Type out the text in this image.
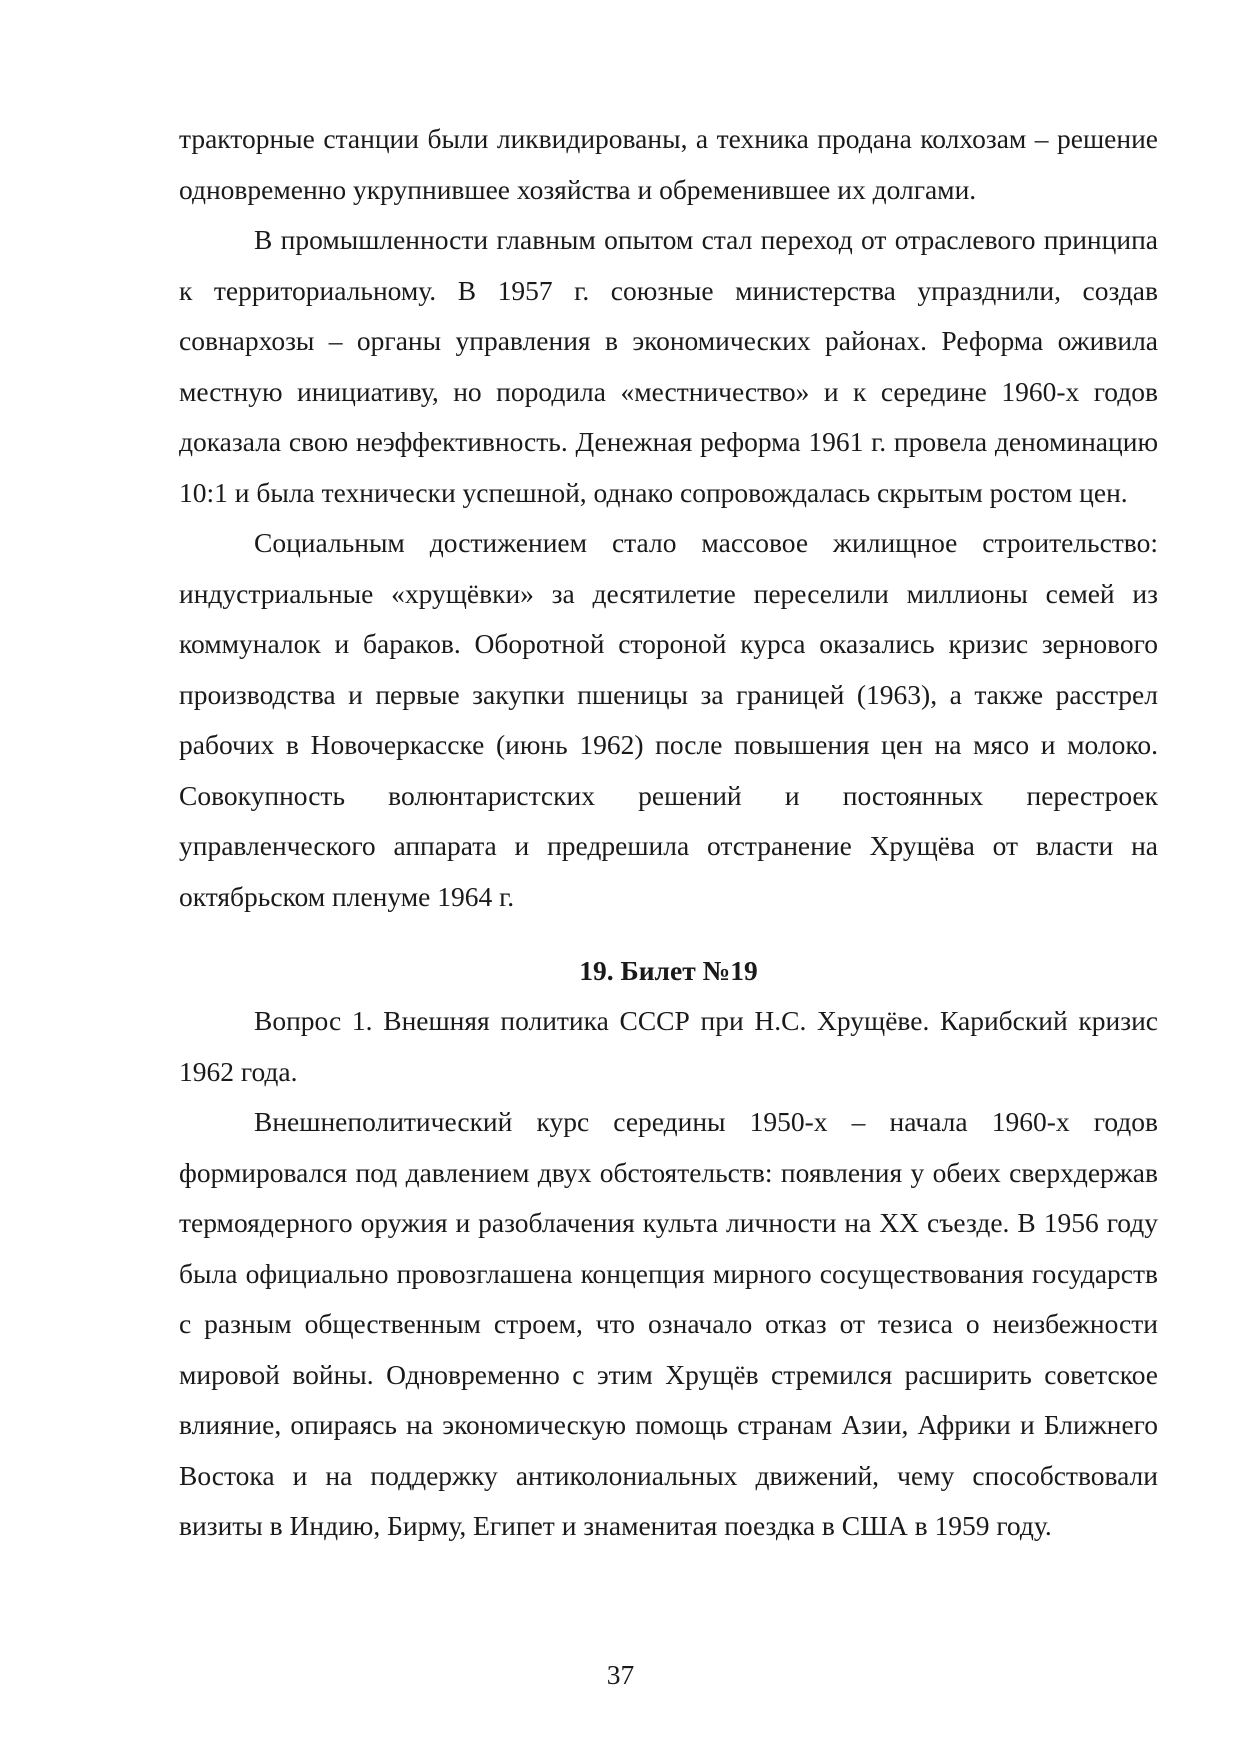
тракторные станции были ликвидированы, а техника продана колхозам – решение одновременно укрупнившее хозяйства и обременившее их долгами.

В промышленности главным опытом стал переход от отраслевого принципа к территориальному. В 1957 г. союзные министерства упразднили, создав совнархозы – органы управления в экономических районах. Реформа оживила местную инициативу, но породила «местничество» и к середине 1960-х годов доказала свою неэффективность. Денежная реформа 1961 г. провела деноминацию 10:1 и была технически успешной, однако сопровождалась скрытым ростом цен.

Социальным достижением стало массовое жилищное строительство: индустриальные «хрущёвки» за десятилетие переселили миллионы семей из коммуналок и бараков. Оборотной стороной курса оказались кризис зернового производства и первые закупки пшеницы за границей (1963), а также расстрел рабочих в Новочеркасске (июнь 1962) после повышения цен на мясо и молоко. Совокупность волюнтаристских решений и постоянных перестроек управленческого аппарата и предрешила отстранение Хрущёва от власти на октябрьском пленуме 1964 г.

19. Билет №19

Вопрос 1. Внешняя политика СССР при Н.С. Хрущёве. Карибский кризис 1962 года.

Внешнеполитический курс середины 1950-х – начала 1960-х годов формировался под давлением двух обстоятельств: появления у обеих сверхдержав термоядерного оружия и разоблачения культа личности на XX съезде. В 1956 году была официально провозглашена концепция мирного сосуществования государств с разным общественным строем, что означало отказ от тезиса о неизбежности мировой войны. Одновременно с этим Хрущёв стремился расширить советское влияние, опираясь на экономическую помощь странам Азии, Африки и Ближнего Востока и на поддержку антиколониальных движений, чему способствовали визиты в Индию, Бирму, Египет и знаменитая поездка в США в 1959 году.

37
